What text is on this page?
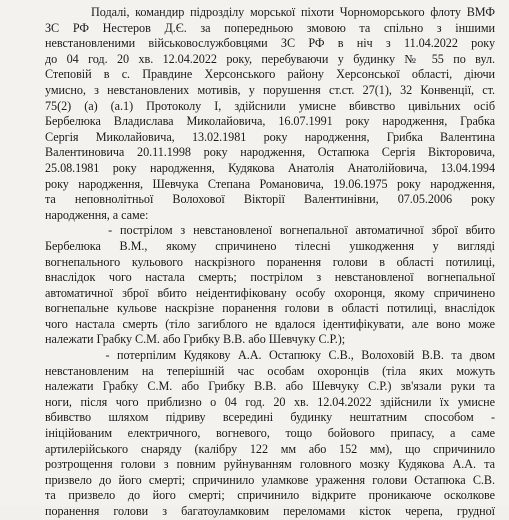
Подалі, командир підрозділу морської піхоти Чорноморського флоту ВМФ
ЗС РФ Нестеров Д.Є. за попередньою змовою та спільно з іншими
невстановленими військовослужбовцями ЗС РФ в ніч з 11.04.2022 року
до 04 год. 20 хв. 12.04.2022 року, перебуваючи у будинку № 55 по вул.
Степовій в с. Правдине Херсонського району Херсонської області, діючи
умисно, з невстановлених мотивів, у порушення ст.ст. 27(1), 32 Конвенції, ст.
75(2) (а) (а.1) Протоколу І, здійснили умисне вбивство цивільних осіб
Бербелюка Владислава Миколайовича, 16.07.1991 року народження, Грабка
Сергія Миколайовича, 13.02.1981 року народження, Грибка Валентина
Валентиновича 20.11.1998 року народження, Остапюка Сергія Вікторовича,
25.08.1981 року народження, Кудякова Анатолія Анатолійовича, 13.04.1994
року народження, Шевчука Степана Романовича, 19.06.1975 року народження,
та неповнолітньої Волохової Вікторії Валентинівни, 07.05.2006 року
народження, а саме:
- пострілом з невстановленої вогнепальної автоматичної зброї вбито
Бербелюка В.М., якому спричинено тілесні ушкодження у вигляді
вогнепального кульового наскрізного поранення голови в області потилиці,
внаслідок чого настала смерть; пострілом з невстановленої вогнепальної
автоматичної зброї вбито неідентифіковану особу охоронця, якому спричинено
вогнепальне кульове наскрізне поранення голови в області потилиці, внаслідок
чого настала смерть (тіло загиблого не вдалося ідентифікувати, але воно може
належати Грабку С.М. або Грибку В.В. або Шевчуку С.Р.);
- потерпілим Кудякову А.А. Остапюку С.В., Волоховій В.В. та двом
невстановленим на теперішній час особам охоронців (тіла яких можуть
належати Грабку С.М. або Грибку В.В. або Шевчуку С.Р.) зв'язали руки та
ноги, після чого приблизно о 04 год. 20 хв. 12.04.2022 здійснили їх умисне
вбивство шляхом підриву всередині будинку нештатним способом -
ініційованим електричного, вогневого, тощо бойового припасу, а саме
артилерійського снаряду (калібру 122 мм або 152 мм), що спричинило
розтрощення голови з повним руйнуванням головного мозку Кудякова А.А. та
призвело до його смерті; спричинило уламкове ураження голови Остапюка С.В.
та призвело до його смерті; спричинило відкрите проникаюче осколкове
поранення голови з багатоуламковим переломами кісток черепа, грудної
